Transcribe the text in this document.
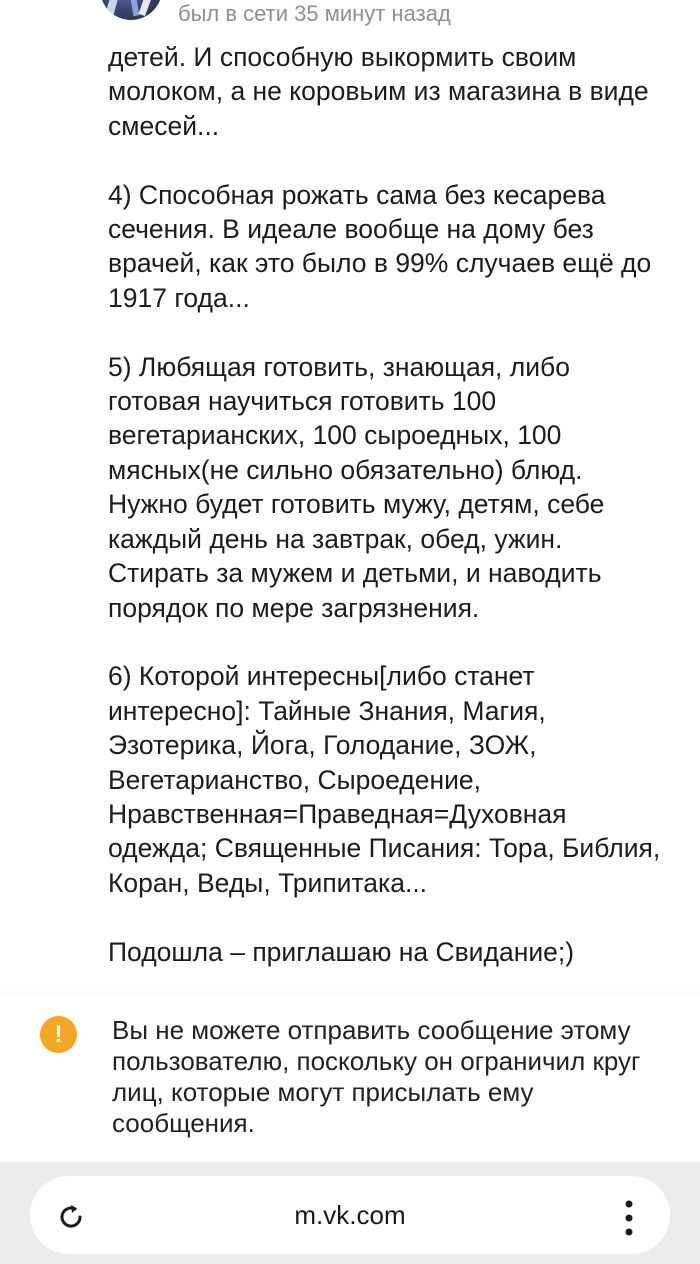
был в сети 35 минут назад
детей. И способную выкормить своим
молоком, а не коровьим из магазина в виде
смесей...

4) Способная рожать сама без кесарева
сечения. В идеале вообще на дому без
врачей, как это было в 99% случаев ещё до
1917 года...

5) Любящая готовить, знающая, либо
готовая научиться готовить 100
вегетарианских, 100 сыроедных, 100
мясных(не сильно обязательно) блюд.
Нужно будет готовить мужу, детям, себе
каждый день на завтрак, обед, ужин.
Стирать за мужем и детьми, и наводить
порядок по мере загрязнения.

6) Которой интересны[либо станет
интересно]: Тайные Знания, Магия,
Эзотерика, Йога, Голодание, ЗОЖ,
Вегетарианство, Сыроедение,
Нравственная=Праведная=Духовная
одежда; Священные Писания: Тора, Библия,
Коран, Веды, Трипитака...

Подошла – приглашаю на Свидание;)
!	Вы не можете отправить сообщение этому пользователю, поскольку он ограничил круг лиц, которые могут присылать ему сообщения.
m.vk.com
